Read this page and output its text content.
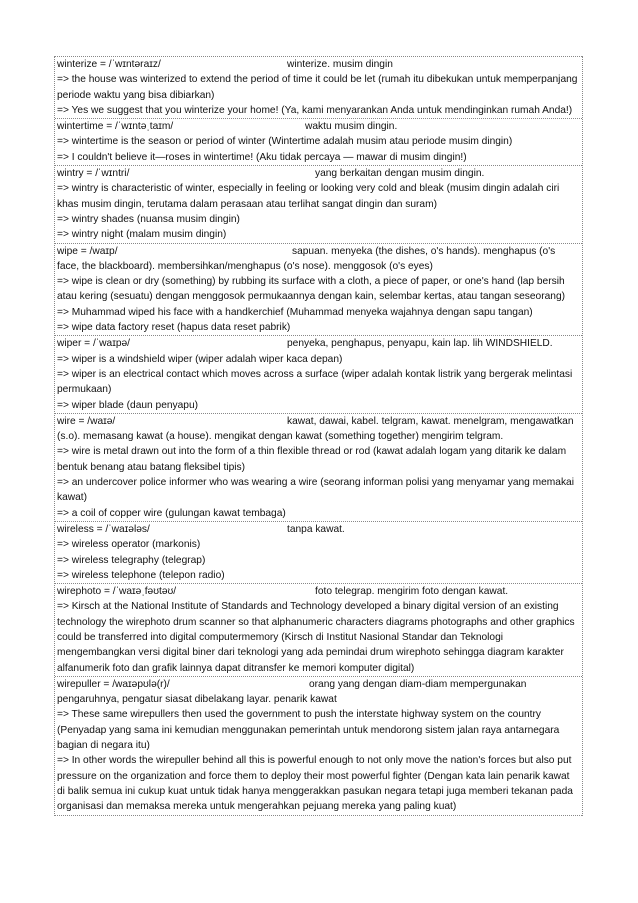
winterize = /ˈwɪntəraɪz/	winterize. musim dingin
=> the house was winterized to extend the period of time it could be let (rumah itu dibekukan untuk memperpanjang periode waktu yang bisa dibiarkan)
=> Yes we suggest that you winterize your home! (Ya, kami menyarankan Anda untuk mendinginkan rumah Anda!)
wintertime = /ˈwɪntəˌtaɪm/	waktu musim dingin.
=> wintertime is the season or period of winter (Wintertime adalah musim atau periode musim dingin)
=> I couldn't believe it—roses in wintertime! (Aku tidak percaya — mawar di musim dingin!)
wintry = /ˈwɪntri/	yang berkaitan dengan musim dingin.
=> wintry is characteristic of winter, especially in feeling or looking very cold and bleak (musim dingin adalah ciri khas musim dingin, terutama dalam perasaan atau terlihat sangat dingin dan suram)
=> wintry shades (nuansa musim dingin)
=> wintry night (malam musim dingin)
wipe = /waɪp/	sapuan. menyeka (the dishes, o's hands). menghapus (o's face, the blackboard). membersihkan/menghapus (o's nose). menggosok (o's eyes)
=> wipe is clean or dry (something) by rubbing its surface with a cloth, a piece of paper, or one's hand (lap bersih atau kering (sesuatu) dengan menggosok permukaannya dengan kain, selembar kertas, atau tangan seseorang)
=> Muhammad wiped his face with a handkerchief (Muhammad menyeka wajahnya dengan sapu tangan)
=> wipe data factory reset (hapus data reset pabrik)
wiper = /ˈwaɪpə/	penyeka, penghapus, penyapu, kain lap. lih WINDSHIELD.
=> wiper is a windshield wiper (wiper adalah wiper kaca depan)
=> wiper is an electrical contact which moves across a surface (wiper adalah kontak listrik yang bergerak melintasi permukaan)
=> wiper blade (daun penyapu)
wire = /waɪə/	kawat, dawai, kabel. telgram, kawat. menelgram, mengawatkan (s.o). memasang kawat (a house). mengikat dengan kawat (something together) mengirim telgram.
=> wire is metal drawn out into the form of a thin flexible thread or rod (kawat adalah logam yang ditarik ke dalam bentuk benang atau batang fleksibel tipis)
=> an undercover police informer who was wearing a wire (seorang informan polisi yang menyamar yang memakai kawat)
=> a coil of copper wire (gulungan kawat tembaga)
wireless = /ˈwaɪələs/	tanpa kawat.
=> wireless operator (markonis)
=> wireless telegraphy (telegrap)
=> wireless telephone (telepon radio)
wirephoto = /ˈwaɪəˌfəʊtəʊ/	foto telegrap. mengirim foto dengan kawat.
=> Kirsch at the National Institute of Standards and Technology developed a binary digital version of an existing technology the wirephoto drum scanner so that alphanumeric characters diagrams photographs and other graphics could be transferred into digital computermemory (Kirsch di Institut Nasional Standar dan Teknologi mengembangkan versi digital biner dari teknologi yang ada pemindai drum wirephoto sehingga diagram karakter alfanumerik foto dan grafik lainnya dapat ditransfer ke memori komputer digital)
wirepuller = /waɪəpʊlə(r)/	orang yang dengan diam-diam mempergunakan pengaruhnya, pengatur siasat dibelakang layar. penarik kawat
=> These same wirepullers then used the government to push the interstate highway system on the country (Penyadap yang sama ini kemudian menggunakan pemerintah untuk mendorong sistem jalan raya antarnegara bagian di negara itu)
=> In other words the wirepuller behind all this is powerful enough to not only move the nation's forces but also put pressure on the organization and force them to deploy their most powerful fighter (Dengan kata lain penarik kawat di balik semua ini cukup kuat untuk tidak hanya menggerakkan pasukan negara tetapi juga memberi tekanan pada organisasi dan memaksa mereka untuk mengerahkan pejuang mereka yang paling kuat)
